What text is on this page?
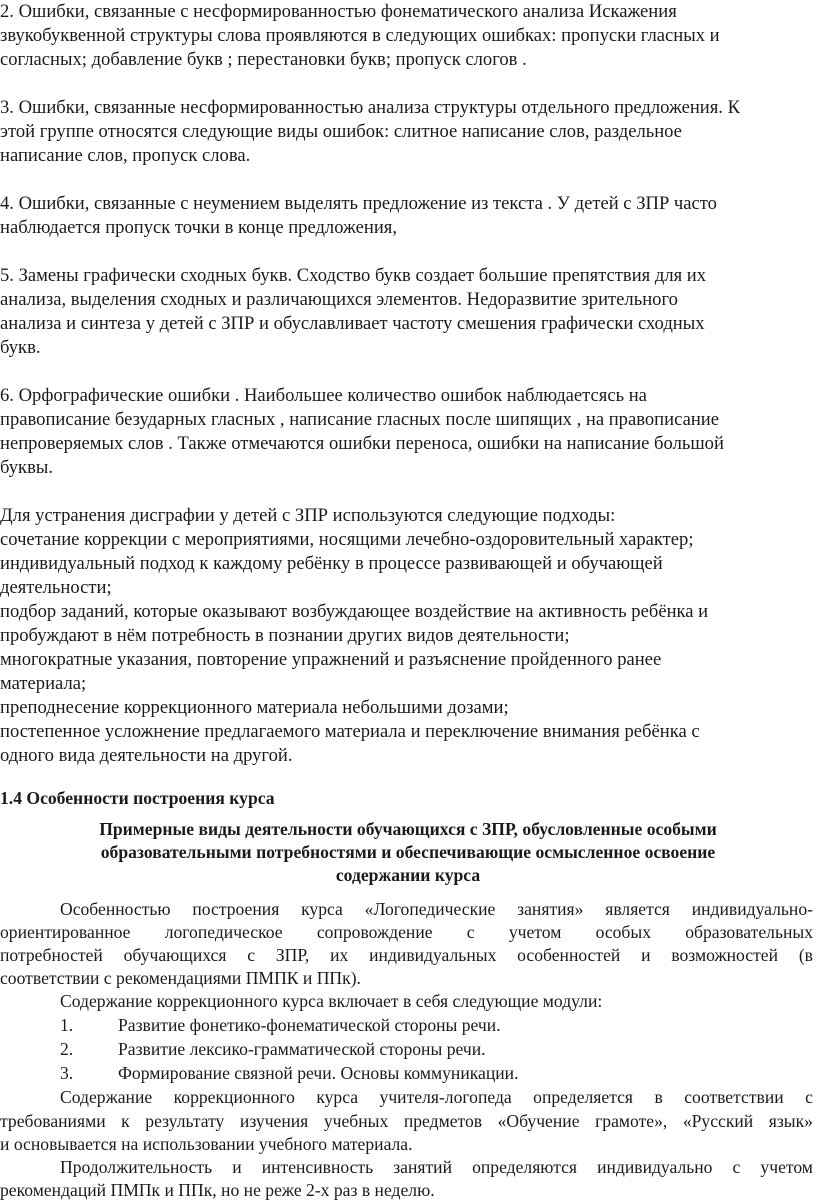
2. Ошибки, связанные с несформированностью фонематического анализа Искажения
звукобуквенной структуры слова проявляются в следующих ошибках: пропуски гласных и
согласных; добавление букв ; перестановки букв; пропуск слогов .
3. Ошибки, связанные несформированностью анализа структуры отдельного предложения. К
этой группе относятся следующие виды ошибок: слитное написание слов, раздельное
написание слов, пропуск слова.
4. Ошибки, связанные с неумением выделять предложение из текста . У детей с ЗПР часто
наблюдается пропуск точки в конце предложения,
5. Замены графически сходных букв. Сходство букв создает большие препятствия для их
анализа, выделения сходных и различающихся элементов. Недоразвитие зрительного
анализа и синтеза у детей с ЗПР и обуславливает частоту смешения графически сходных
букв.
6. Орфографические ошибки . Наибольшее количество ошибок наблюдаетсясь на
правописание безударных гласных , написание гласных после шипящих , на правописание
непроверяемых слов . Также отмечаются ошибки переноса, ошибки на написание большой
буквы.
Для устранения дисграфии у детей с ЗПР используются следующие подходы:
сочетание коррекции с мероприятиями, носящими лечебно-оздоровительный характер;
индивидуальный подход к каждому ребёнку в процессе развивающей и обучающей
деятельности;
подбор заданий, которые оказывают возбуждающее воздействие на активность ребёнка и
пробуждают в нём потребность в познании других видов деятельности;
многократные указания, повторение упражнений и разъяснение пройденного ранее
материала;
преподнесение коррекционного материала небольшими дозами;
постепенное усложнение предлагаемого материала и переключение внимания ребёнка с
одного вида деятельности на другой.
1.4 Особенности построения курса
Примерные виды деятельности обучающихся с ЗПР, обусловленные особыми
образовательными потребностями и обеспечивающие осмысленное освоение
содержании курса
Особенностью построения курса «Логопедические занятия» является индивидуально-
ориентированное логопедическое сопровождение с учетом особых образовательных
потребностей обучающихся с ЗПР, их индивидуальных особенностей и возможностей (в
соответствии с рекомендациями ПМПК и ППк).
Содержание коррекционного курса включает в себя следующие модули:
1.	Развитие фонетико-фонематической стороны речи.
2.	Развитие лексико-грамматической стороны речи.
3.	Формирование связной речи. Основы коммуникации.
Содержание коррекционного курса учителя-логопеда определяется в соответствии с
требованиями к результату изучения учебных предметов «Обучение грамоте», «Русский язык»
и основывается на использовании учебного материала.
Продолжительность и интенсивность занятий определяются индивидуально с учетом
рекомендаций ПМПк и ППк, но не реже 2-х раз в неделю.
